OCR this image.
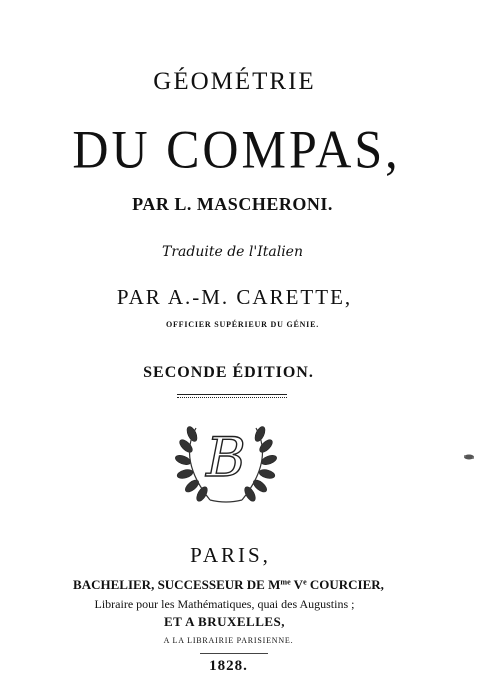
GÉOMÉTRIE
DU COMPAS,
PAR L. MASCHERONI.
Traduite de l'Italien
PAR A.-M. CARETTE,
OFFICIER SUPÉRIEUR DU GÉNIE.
SECONDE ÉDITION.
B
PARIS,
BACHELIER, SUCCESSEUR DE $M^{me}$ Ve COURCIER,
Libraire pour les Mathématiques, quai des Augustins ;
ET A BRUXELLES,
A LA LIBRAIRIE PARISIENNE.
1828.
